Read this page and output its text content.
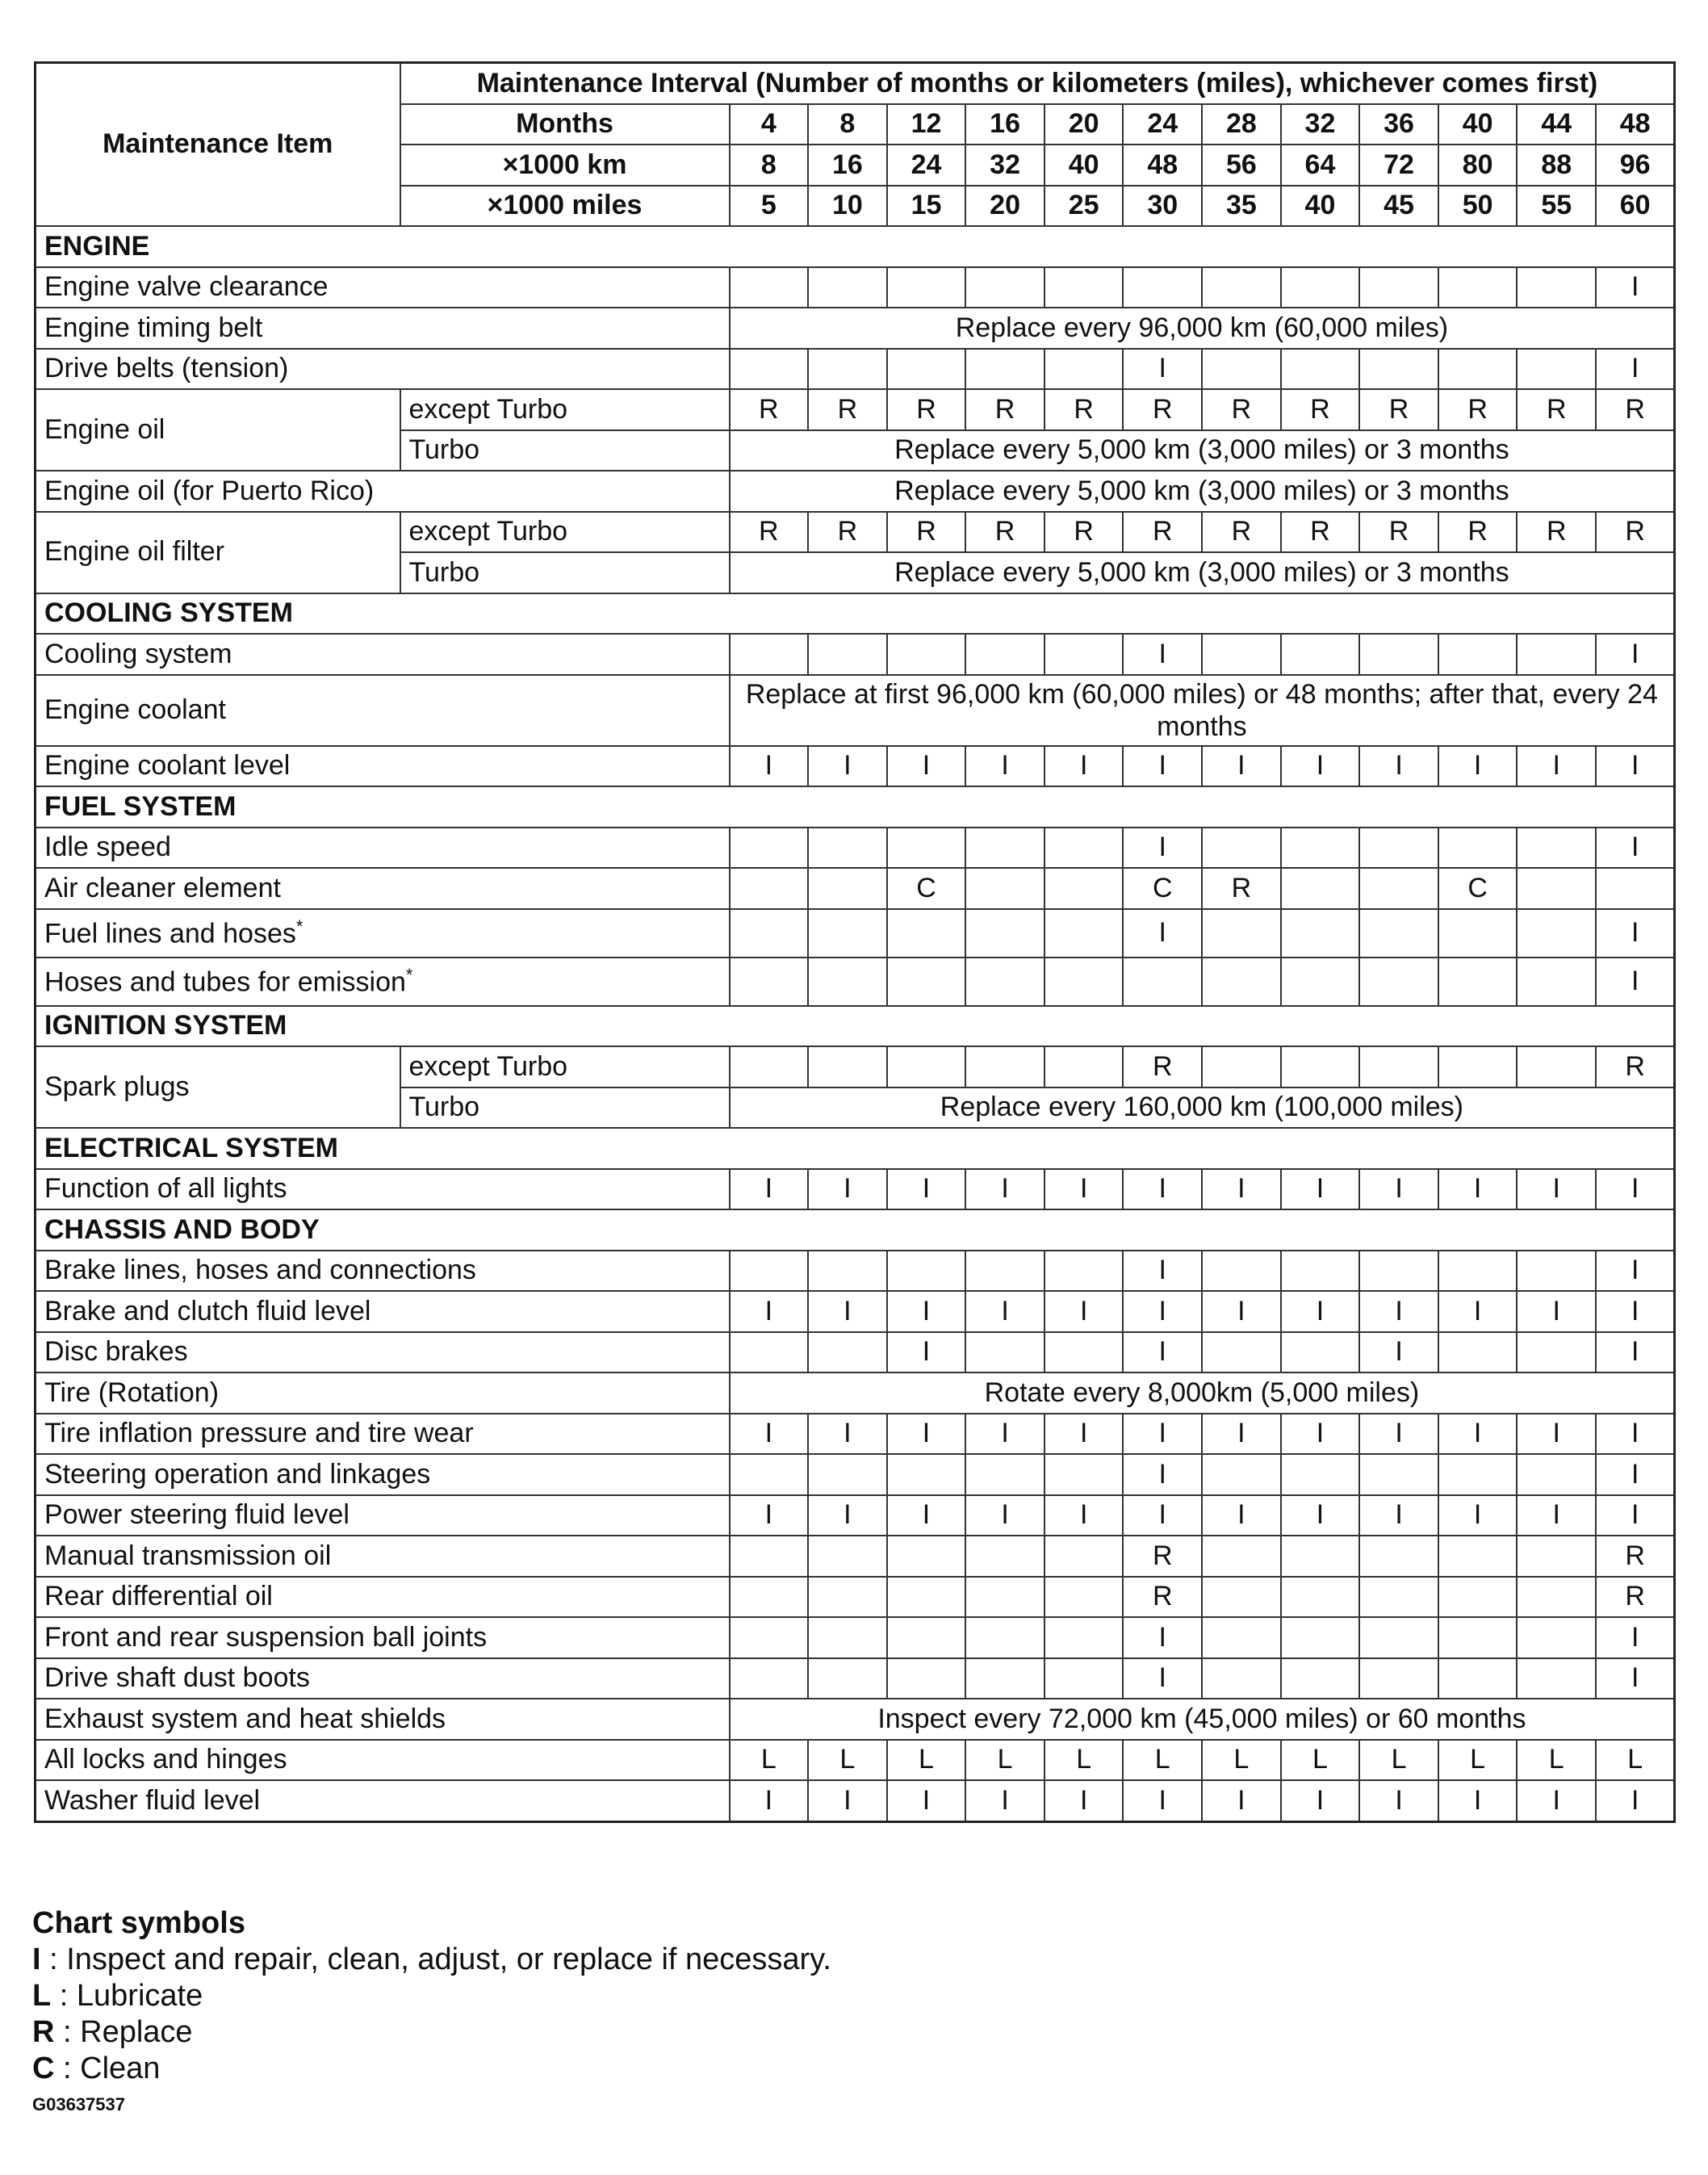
Maintenance Item	Maintenance Interval (Number of months or kilometers (miles), whichever comes first)												
	Months	4	8	12	16	20	24	28	32	36	40	44	48
	×1000 km	8	16	24	32	40	48	56	64	72	80	88	96
	×1000 miles	5	10	15	20	25	30	35	40	45	50	55	60
ENGINE													
Engine valve clearance													I
Engine timing belt		Replace every 96,000 km (60,000 miles)											
Drive belts (tension)							I						I
Engine oil	except Turbo	R	R	R	R	R	R	R	R	R	R	R	R
	Turbo	Replace every 5,000 km (3,000 miles) or 3 months											
Engine oil (for Puerto Rico)		Replace every 5,000 km (3,000 miles) or 3 months											
Engine oil filter	except Turbo	R	R	R	R	R	R	R	R	R	R	R	R
	Turbo	Replace every 5,000 km (3,000 miles) or 3 months											
COOLING SYSTEM													
Cooling system							I						I
Engine coolant		Replace at first 96,000 km (60,000 miles) or 48 months; after that, every 24 months											
Engine coolant level		I	I	I	I	I	I	I	I	I	I	I	I
FUEL SYSTEM													
Idle speed							I						I
Air cleaner element				C			C	R			C		
Fuel lines and hoses*							I						I
Hoses and tubes for emission*													I
IGNITION SYSTEM													
Spark plugs	except Turbo						R						R
	Turbo	Replace every 160,000 km (100,000 miles)											
ELECTRICAL SYSTEM													
Function of all lights		I	I	I	I	I	I	I	I	I	I	I	I
CHASSIS AND BODY													
Brake lines, hoses and connections							I						I
Brake and clutch fluid level		I	I	I	I	I	I	I	I	I	I	I	I
Disc brakes				I			I			I			I
Tire (Rotation)		Rotate every 8,000km (5,000 miles)											
Tire inflation pressure and tire wear		I	I	I	I	I	I	I	I	I	I	I	I
Steering operation and linkages							I						I
Power steering fluid level		I	I	I	I	I	I	I	I	I	I	I	I
Manual transmission oil							R						R
Rear differential oil							R						R
Front and rear suspension ball joints							I						I
Drive shaft dust boots							I						I
Exhaust system and heat shields		Inspect every 72,000 km (45,000 miles) or 60 months											
All locks and hinges		L	L	L	L	L	L	L	L	L	L	L	L
Washer fluid level		I	I	I	I	I	I	I	I	I	I	I	I
Chart symbols
I : Inspect and repair, clean, adjust, or replace if necessary.
L : Lubricate
R : Replace
C : Clean
G03637537
